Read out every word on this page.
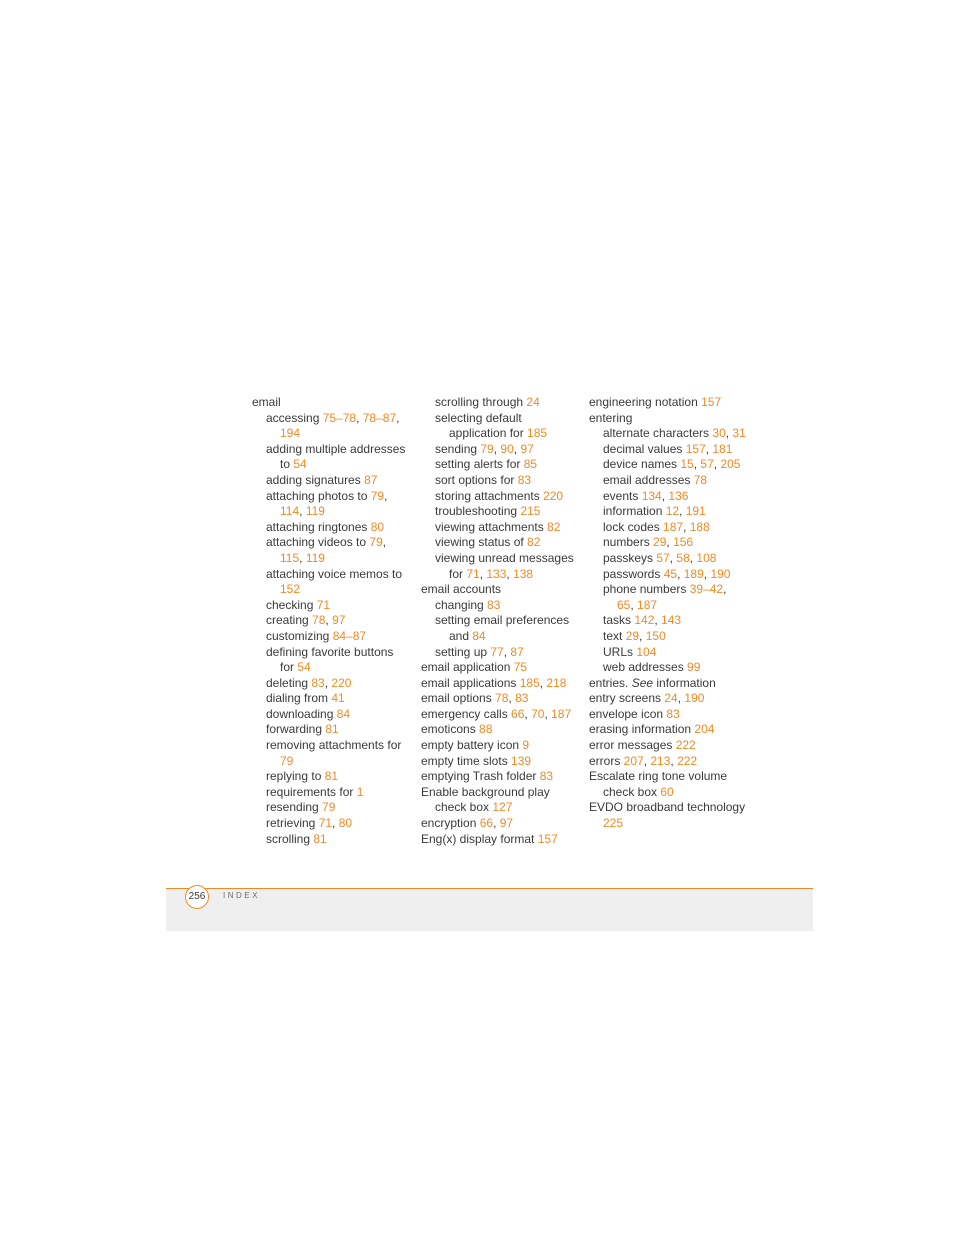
email
accessing 75–78, 78–87,
194
adding multiple addresses
to 54
adding signatures 87
attaching photos to 79,
114, 119
attaching ringtones 80
attaching videos to 79,
115, 119
attaching voice memos to
152
checking 71
creating 78, 97
customizing 84–87
defining favorite buttons
for 54
deleting 83, 220
dialing from 41
downloading 84
forwarding 81
removing attachments for
79
replying to 81
requirements for 1
resending 79
retrieving 71, 80
scrolling 81
scrolling through 24
selecting default
application for 185
sending 79, 90, 97
setting alerts for 85
sort options for 83
storing attachments 220
troubleshooting 215
viewing attachments 82
viewing status of 82
viewing unread messages
for 71, 133, 138
email accounts
changing 83
setting email preferences
and 84
setting up 77, 87
email application 75
email applications 185, 218
email options 78, 83
emergency calls 66, 70, 187
emoticons 88
empty battery icon 9
empty time slots 139
emptying Trash folder 83
Enable background play
check box 127
encryption 66, 97
Eng(x) display format 157
engineering notation 157
entering
alternate characters 30, 31
decimal values 157, 181
device names 15, 57, 205
email addresses 78
events 134, 136
information 12, 191
lock codes 187, 188
numbers 29, 156
passkeys 57, 58, 108
passwords 45, 189, 190
phone numbers 39–42,
65, 187
tasks 142, 143
text 29, 150
URLs 104
web addresses 99
entries. See information
entry screens 24, 190
envelope icon 83
erasing information 204
error messages 222
errors 207, 213, 222
Escalate ring tone volume
check box 60
EVDO broadband technology
225
256	INDEX
